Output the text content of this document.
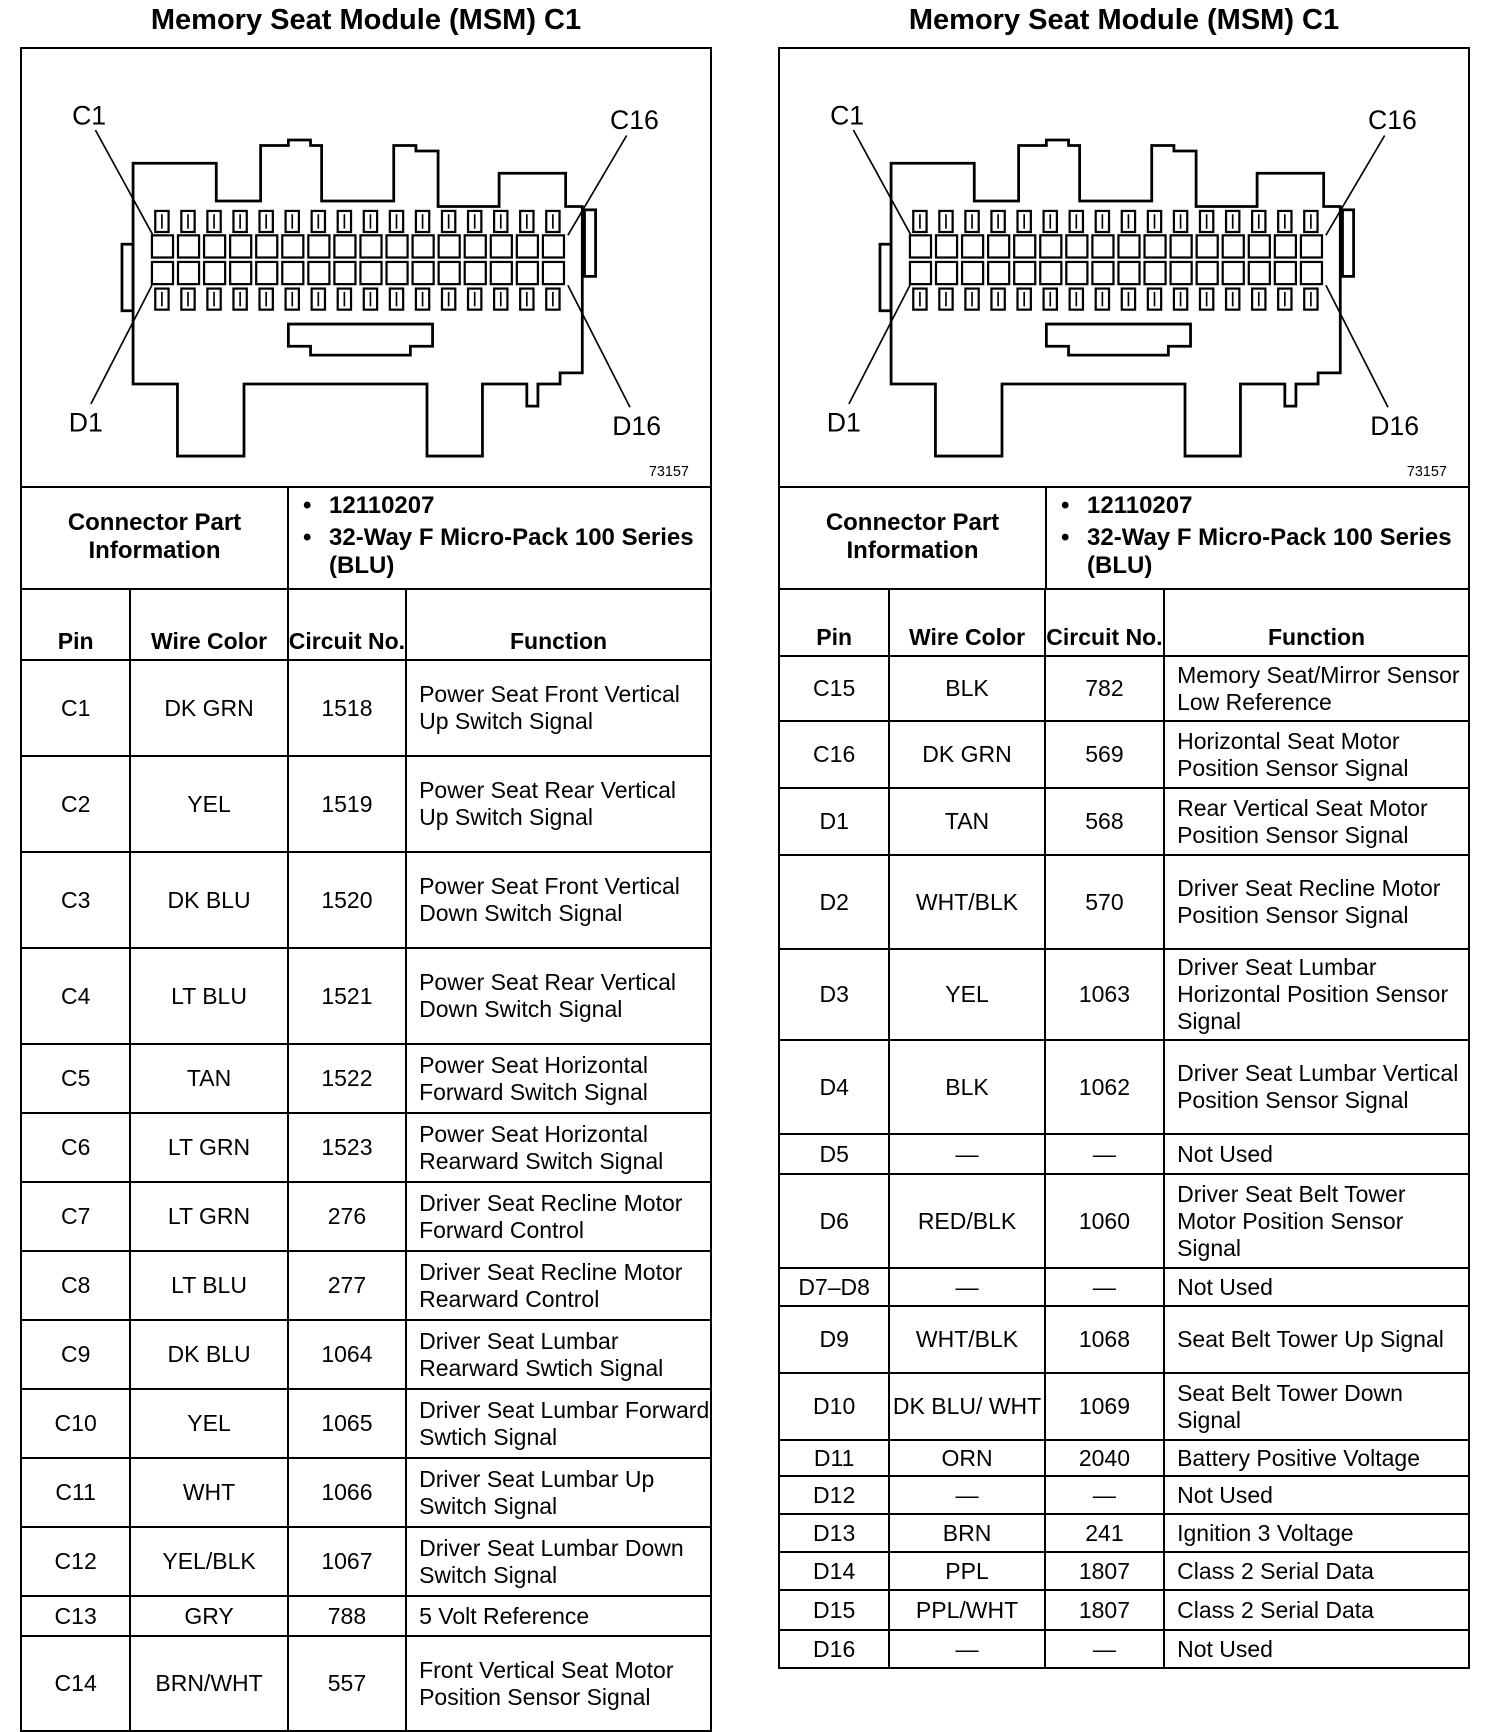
Memory Seat Module (MSM) C1
C1	C16
D1	D16
73157
Connector Part Information
• 12110207
• 32-Way F Micro-Pack 100 Series (BLU)
Pin	Wire Color	Circuit No.	Function
C1	DK GRN	1518	Power Seat Front Vertical Up Switch Signal
C2	YEL	1519	Power Seat Rear Vertical Up Switch Signal
C3	DK BLU	1520	Power Seat Front Vertical Down Switch Signal
C4	LT BLU	1521	Power Seat Rear Vertical Down Switch Signal
C5	TAN	1522	Power Seat Horizontal Forward Switch Signal
C6	LT GRN	1523	Power Seat Horizontal Rearward Switch Signal
C7	LT GRN	276	Driver Seat Recline Motor Forward Control
C8	LT BLU	277	Driver Seat Recline Motor Rearward Control
C9	DK BLU	1064	Driver Seat Lumbar Rearward Swtich Signal
C10	YEL	1065	Driver Seat Lumbar Forward Swtich Signal
C11	WHT	1066	Driver Seat Lumbar Up Switch Signal
C12	YEL/BLK	1067	Driver Seat Lumbar Down Switch Signal
C13	GRY	788	5 Volt Reference
C14	BRN/WHT	557	Front Vertical Seat Motor Position Sensor Signal
Memory Seat Module (MSM) C1
C1	C16
D1	D16
73157
Connector Part Information
• 12110207
• 32-Way F Micro-Pack 100 Series (BLU)
Pin	Wire Color	Circuit No.	Function
C15	BLK	782	Memory Seat/Mirror Sensor Low Reference
C16	DK GRN	569	Horizontal Seat Motor Position Sensor Signal
D1	TAN	568	Rear Vertical Seat Motor Position Sensor Signal
D2	WHT/BLK	570	Driver Seat Recline Motor Position Sensor Signal
D3	YEL	1063	Driver Seat Lumbar Horizontal Position Sensor Signal
D4	BLK	1062	Driver Seat Lumbar Vertical Position Sensor Signal
D5	—	—	Not Used
D6	RED/BLK	1060	Driver Seat Belt Tower Motor Position Sensor Signal
D7–D8	—	—	Not Used
D9	WHT/BLK	1068	Seat Belt Tower Up Signal
D10	DK BLU/ WHT	1069	Seat Belt Tower Down Signal
D11	ORN	2040	Battery Positive Voltage
D12	—	—	Not Used
D13	BRN	241	Ignition 3 Voltage
D14	PPL	1807	Class 2 Serial Data
D15	PPL/WHT	1807	Class 2 Serial Data
D16	—	—	Not Used
